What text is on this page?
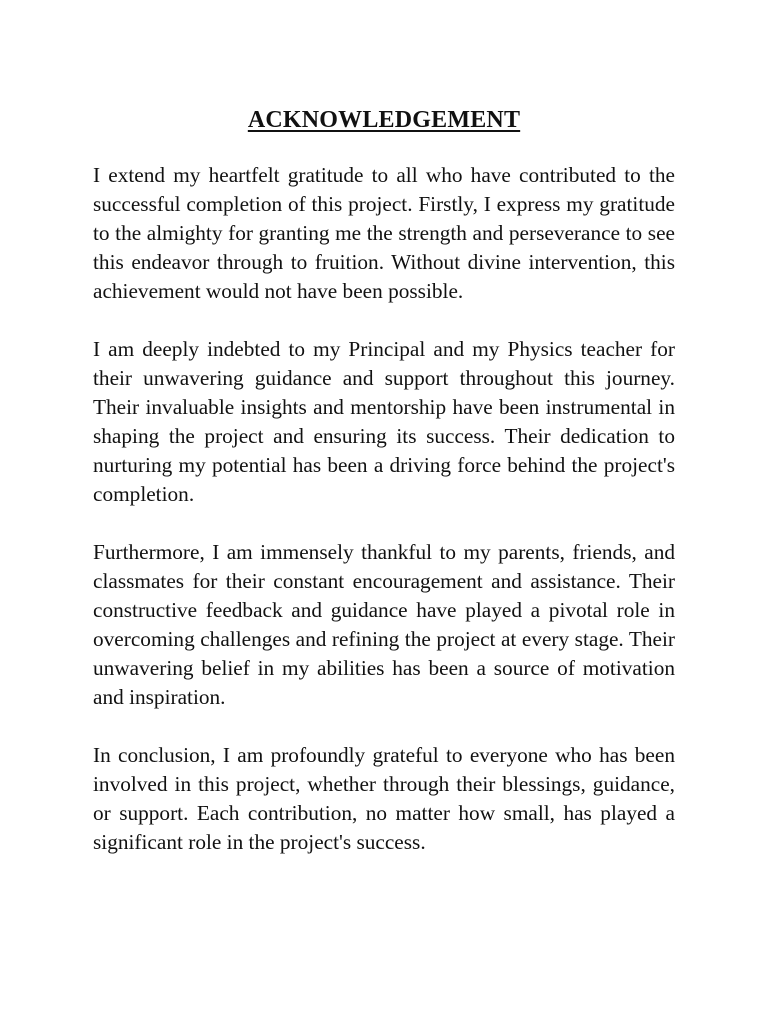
ACKNOWLEDGEMENT

I extend my heartfelt gratitude to all who have contributed to the successful completion of this project. Firstly, I express my gratitude to the almighty for granting me the strength and perseverance to see this endeavor through to fruition. Without divine intervention, this achievement would not have been possible.

I am deeply indebted to my Principal and my Physics teacher for their unwavering guidance and support throughout this journey. Their invaluable insights and mentorship have been instrumental in shaping the project and ensuring its success. Their dedication to nurturing my potential has been a driving force behind the project's completion.

Furthermore, I am immensely thankful to my parents, friends, and classmates for their constant encouragement and assistance. Their constructive feedback and guidance have played a pivotal role in overcoming challenges and refining the project at every stage. Their unwavering belief in my abilities has been a source of motivation and inspiration.

In conclusion, I am profoundly grateful to everyone who has been involved in this project, whether through their blessings, guidance, or support. Each contribution, no matter how small, has played a significant role in the project's success.
